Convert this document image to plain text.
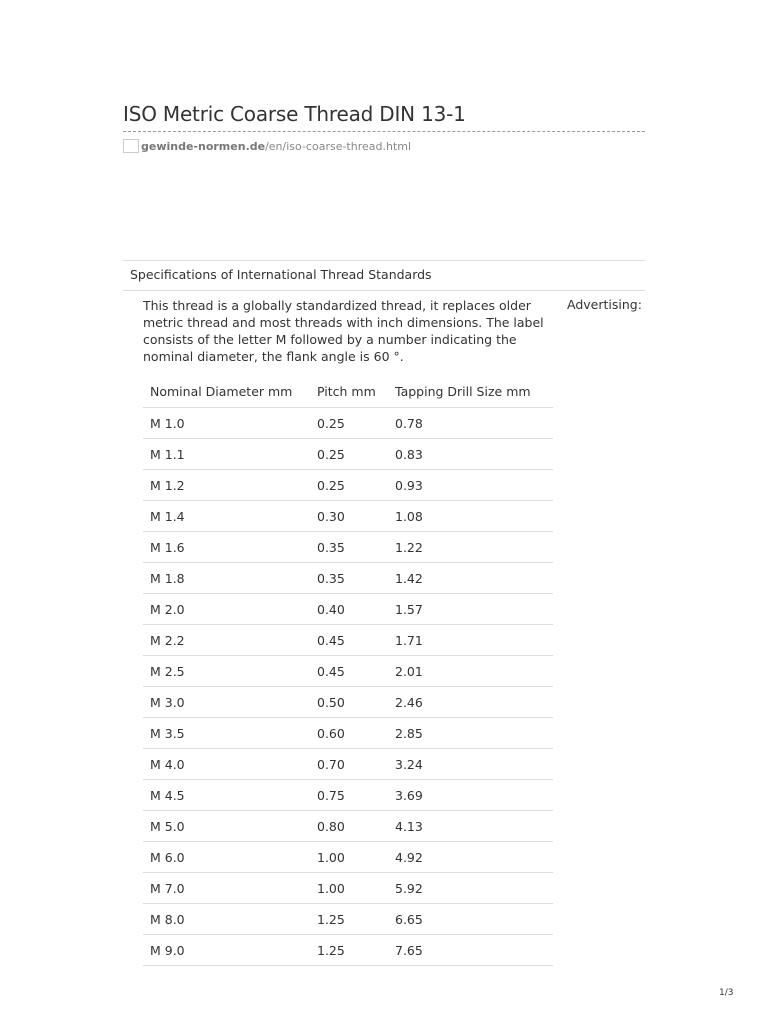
ISO Metric Coarse Thread DIN 13-1
gewinde-normen.de/en/iso-coarse-thread.html
Specifications of International Thread Standards

This thread is a globally standardized thread, it replaces older metric thread and most threads with inch dimensions. The label consists of the letter M followed by a number indicating the nominal diameter, the flank angle is 60 °.

Advertising:
Nominal Diameter mm	Pitch mm	Tapping Drill Size mm
M 1.0	0.25	0.78
M 1.1	0.25	0.83
M 1.2	0.25	0.93
M 1.4	0.30	1.08
M 1.6	0.35	1.22
M 1.8	0.35	1.42
M 2.0	0.40	1.57
M 2.2	0.45	1.71
M 2.5	0.45	2.01
M 3.0	0.50	2.46
M 3.5	0.60	2.85
M 4.0	0.70	3.24
M 4.5	0.75	3.69
M 5.0	0.80	4.13
M 6.0	1.00	4.92
M 7.0	1.00	5.92
M 8.0	1.25	6.65
M 9.0	1.25	7.65
1/3
